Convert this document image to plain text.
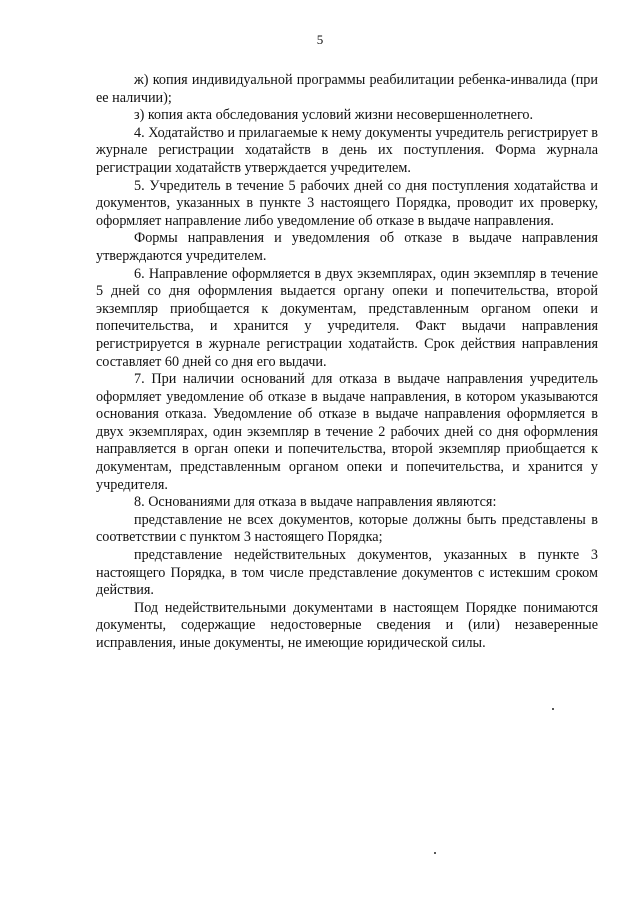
5

ж) копия индивидуальной программы реабилитации ребенка-инвалида (при ее наличии);

з) копия акта обследования условий жизни несовершеннолетнего.

4. Ходатайство и прилагаемые к нему документы учредитель регистрирует в журнале регистрации ходатайств в день их поступления. Форма журнала регистрации ходатайств утверждается учредителем.

5. Учредитель в течение 5 рабочих дней со дня поступления ходатайства и документов, указанных в пункте 3 настоящего Порядка, проводит их проверку, оформляет направление либо уведомление об отказе в выдаче направления.

Формы направления и уведомления об отказе в выдаче направления утверждаются учредителем.

6. Направление оформляется в двух экземплярах, один экземпляр в течение 5 дней со дня оформления выдается органу опеки и попечительства, второй экземпляр приобщается к документам, представленным органом опеки и попечительства, и хранится у учредителя. Факт выдачи направления регистрируется в журнале регистрации ходатайств. Срок действия направления составляет 60 дней со дня его выдачи.

7. При наличии оснований для отказа в выдаче направления учредитель оформляет уведомление об отказе в выдаче направления, в котором указываются основания отказа. Уведомление об отказе в выдаче направления оформляется в двух экземплярах, один экземпляр в течение 2 рабочих дней со дня оформления направляется в орган опеки и попечительства, второй экземпляр приобщается к документам, представленным органом опеки и попечительства, и хранится у учредителя.

8. Основаниями для отказа в выдаче направления являются:

представление не всех документов, которые должны быть представлены в соответствии с пунктом 3 настоящего Порядка;

представление недействительных документов, указанных в пункте 3 настоящего Порядка, в том числе представление документов с истекшим сроком действия.

Под недействительными документами в настоящем Порядке понимаются документы, содержащие недостоверные сведения и (или) незаверенные исправления, иные документы, не имеющие юридической силы.
